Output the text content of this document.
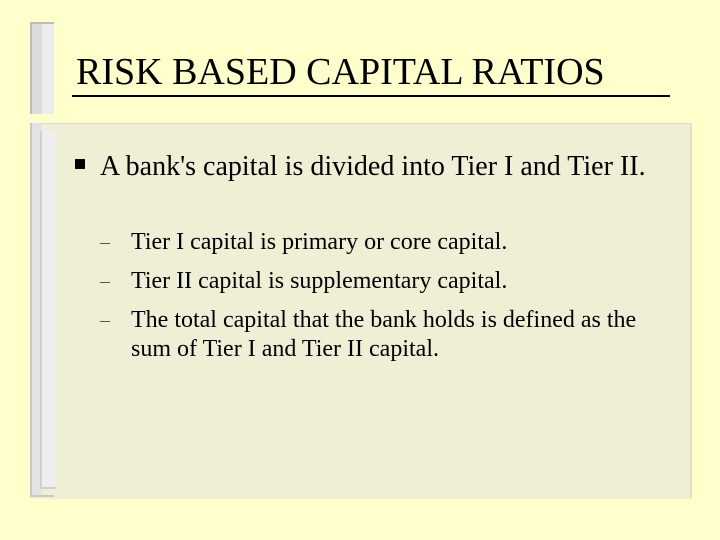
RISK BASED CAPITAL RATIOS
A bank's capital is divided into Tier I and Tier II.

– Tier I capital is primary or core capital.

– Tier II capital is supplementary capital.

– The total capital that the bank holds is defined as the sum of Tier I and Tier II capital.
